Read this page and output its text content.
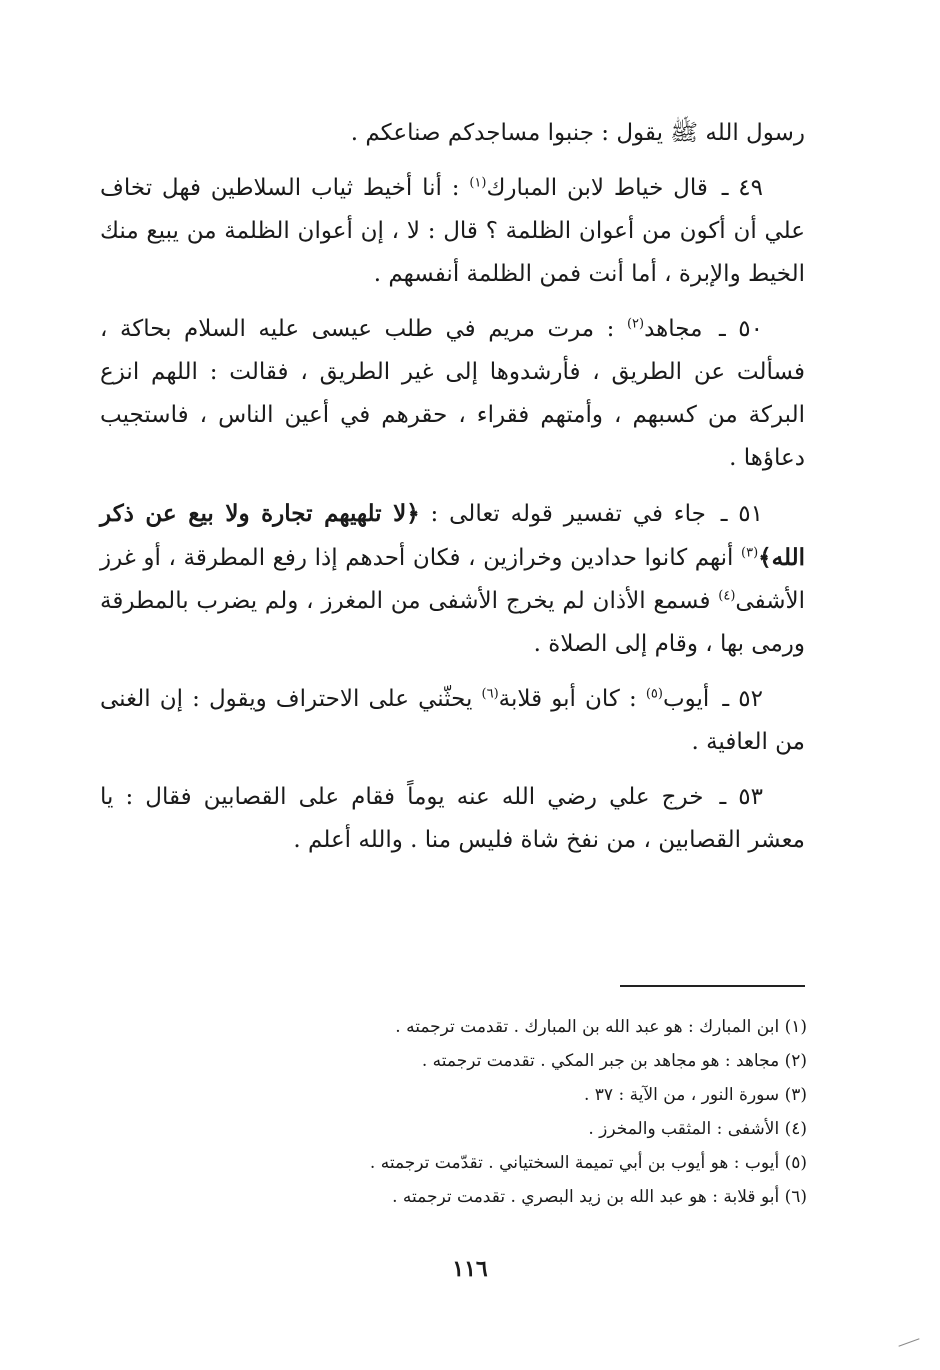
رسول الله ﷺ يقول : جنبوا مساجدكم صناعكم .

٤٩ ـ قال خياط لابن المبارك$^{(١)}$ : أنا أخيط ثياب السلاطين فهل تخاف علي أن أكون من أعوان الظلمة ؟ قال : لا ، إن أعوان الظلمة من يبيع منك الخيط والإبرة ، أما أنت فمن الظلمة أنفسهم .

٥٠ ـ مجاهد$^{(٢)}$ : مرت مريم في طلب عيسى عليه السلام بحاكة ، فسألت عن الطريق ، فأرشدوها إلى غير الطريق ، فقالت : اللهم انزع البركة من كسبهم ، وأمتهم فقراء ، حقرهم في أعين الناس ، فاستجيب دعاؤها .

٥١ ـ جاء في تفسير قوله تعالى : ﴿لا تلهيهم تجارة ولا بيع عن ذكر الله﴾$^{(٣)}$ أنهم كانوا حدادين وخرازين ، فكان أحدهم إذا رفع المطرقة ، أو غرز الأشفى$^{(٤)}$ فسمع الأذان لم يخرج الأشفى من المغرز ، ولم يضرب بالمطرقة ورمى بها ، وقام إلى الصلاة .

٥٢ ـ أيوب$^{(٥)}$ : كان أبو قلابة$^{(٦)}$ يحثّني على الاحتراف ويقول : إن الغنى من العافية .

٥٣ ـ خرج علي رضي الله عنه يوماً فقام على القصابين فقال : يا معشر القصابين ، من نفخ شاة فليس منا . والله أعلم .

(١) ابن المبارك : هو عبد الله بن المبارك . تقدمت ترجمته .

(٢) مجاهد : هو مجاهد بن جبر المكي . تقدمت ترجمته .

(٣) سورة النور ، من الآية : ٣٧ .

(٤) الأشفى : المثقب والمخرز .

(٥) أيوب : هو أيوب بن أبي تميمة السختياني . تقدّمت ترجمته .

(٦) أبو قلابة : هو عبد الله بن زيد البصري . تقدمت ترجمته .

١١٦
